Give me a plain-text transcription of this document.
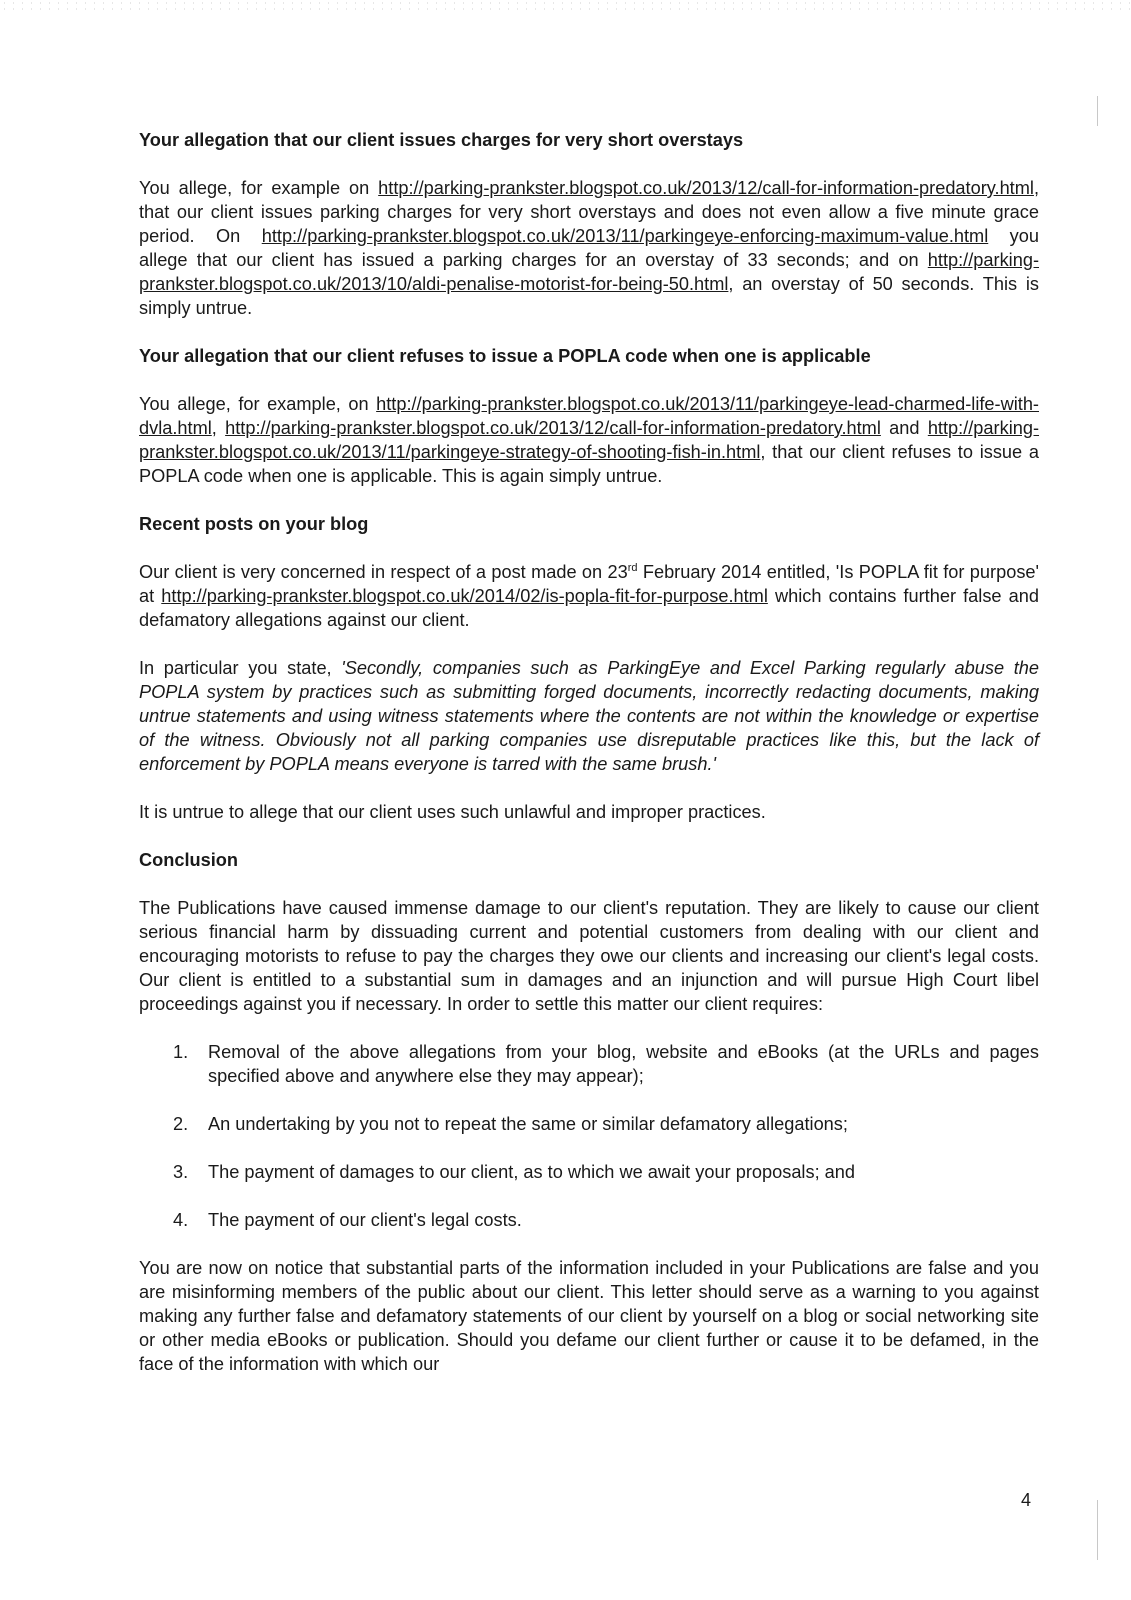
Your allegation that our client issues charges for very short overstays

You allege, for example on http://parking-prankster.blogspot.co.uk/2013/12/call-for-information-predatory.html, that our client issues parking charges for very short overstays and does not even allow a five minute grace period. On http://parking-prankster.blogspot.co.uk/2013/11/parkingeye-enforcing-maximum-value.html you allege that our client has issued a parking charges for an overstay of 33 seconds; and on http://parking-prankster.blogspot.co.uk/2013/10/aldi-penalise-motorist-for-being-50.html, an overstay of 50 seconds. This is simply untrue.

Your allegation that our client refuses to issue a POPLA code when one is applicable

You allege, for example, on http://parking-prankster.blogspot.co.uk/2013/11/parkingeye-lead-charmed-life-with-dvla.html, http://parking-prankster.blogspot.co.uk/2013/12/call-for-information-predatory.html and http://parking-prankster.blogspot.co.uk/2013/11/parkingeye-strategy-of-shooting-fish-in.html, that our client refuses to issue a POPLA code when one is applicable. This is again simply untrue.

Recent posts on your blog

Our client is very concerned in respect of a post made on 23rd February 2014 entitled, 'Is POPLA fit for purpose' at http://parking-prankster.blogspot.co.uk/2014/02/is-popla-fit-for-purpose.html which contains further false and defamatory allegations against our client.

In particular you state, 'Secondly, companies such as ParkingEye and Excel Parking regularly abuse the POPLA system by practices such as submitting forged documents, incorrectly redacting documents, making untrue statements and using witness statements where the contents are not within the knowledge or expertise of the witness. Obviously not all parking companies use disreputable practices like this, but the lack of enforcement by POPLA means everyone is tarred with the same brush.'

It is untrue to allege that our client uses such unlawful and improper practices.

Conclusion

The Publications have caused immense damage to our client's reputation. They are likely to cause our client serious financial harm by dissuading current and potential customers from dealing with our client and encouraging motorists to refuse to pay the charges they owe our clients and increasing our client's legal costs. Our client is entitled to a substantial sum in damages and an injunction and will pursue High Court libel proceedings against you if necessary. In order to settle this matter our client requires:

1. Removal of the above allegations from your blog, website and eBooks (at the URLs and pages specified above and anywhere else they may appear);
2. An undertaking by you not to repeat the same or similar defamatory allegations;
3. The payment of damages to our client, as to which we await your proposals; and
4. The payment of our client's legal costs.

You are now on notice that substantial parts of the information included in your Publications are false and you are misinforming members of the public about our client. This letter should serve as a warning to you against making any further false and defamatory statements of our client by yourself on a blog or social networking site or other media eBooks or publication. Should you defame our client further or cause it to be defamed, in the face of the information with which our

4
